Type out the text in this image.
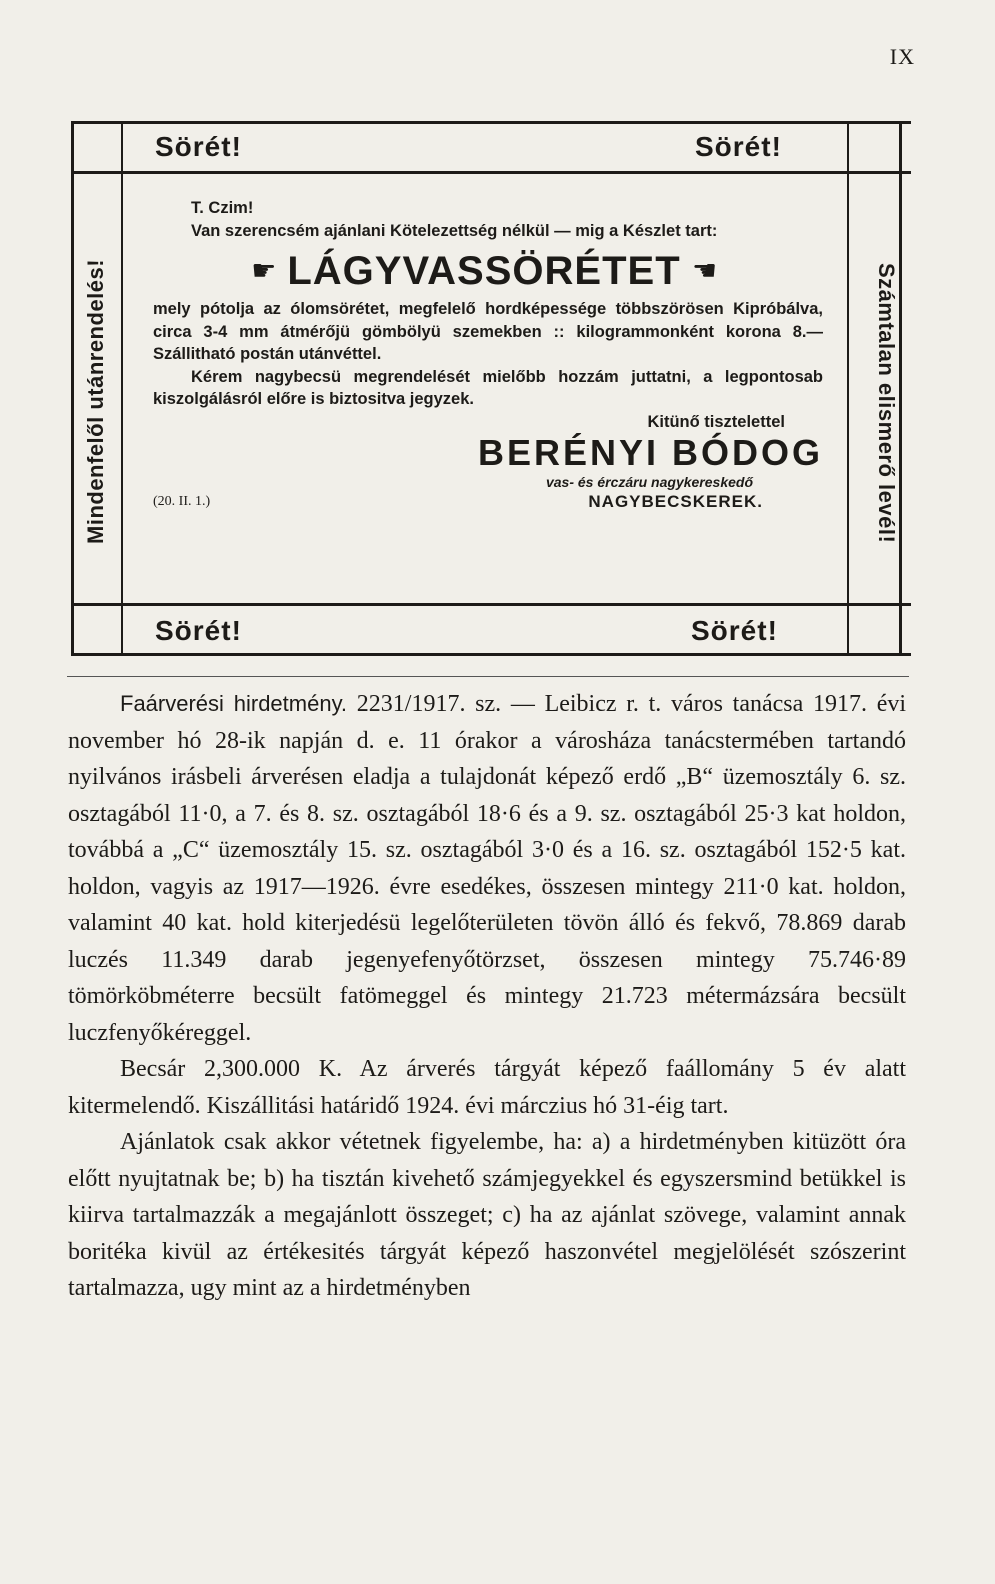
IX
Sörét!	Sörét!
Sörét!	Sörét!
Mindenfelől utánrendelés!	Számtalan elismerő levél!

T. Czim!

Van szerencsém ajánlani Kötelezettség nélkül — mig a Készlet tart:

☛ LÁGYVASSÖRÉTET ☛

mely pótolja az ólomsörétet, megfelelő hordképessége többszörösen Kipróbálva, circa 3-4 mm átmérőjü gömbölyü szemekben :: kilogrammonként korona 8.— Szállitható postán utánvéttel.

Kérem nagybecsü megrendelését mielőbb hozzám juttatni, a legpontosab kiszolgálásról előre is biztositva jegyzek.

Kitünő tisztelettel

BERÉNYI BÓDOG

vas- és érczáru nagykereskedő

(20. II. 1.)	NAGYBECSKEREK.

Faárverési hirdetmény. 2231/1917. sz. — Leibicz r. t. város tanácsa 1917. évi november hó 28-ik napján d. e. 11 órakor a városháza tanácstermében tartandó nyilvános irásbeli árverésen eladja a tulajdonát képező erdő „B“ üzemosztály 6. sz. osztagából 11·0, a 7. és 8. sz. osztagából 18·6 és a 9. sz. osztagából 25·3 kat holdon, továbbá a „C“ üzemosztály 15. sz. osztagából 3·0 és a 16. sz. osztagából 152·5 kat. holdon, vagyis az 1917—1926. évre esedékes, összesen mintegy 211·0 kat. holdon, valamint 40 kat. hold kiterjedésü legelőterületen tövön álló és fekvő, 78.869 darab luczés 11.349 darab jegenyefenyőtörzset, összesen mintegy 75.746·89 tömörköbméterre becsült fatömeggel és mintegy 21.723 métermázsára becsült luczfenyőkéreggel.

Becsár 2,300.000 K. Az árverés tárgyát képező faállomány 5 év alatt kitermelendő. Kiszállitási határidő 1924. évi márczius hó 31-éig tart.

Ajánlatok csak akkor vétetnek figyelembe, ha: a) a hirdetményben kitüzött óra előtt nyujtatnak be; b) ha tisztán kivehető számjegyekkel és egyszersmind betükkel is kiirva tartalmazzák a megajánlott összeget; c) ha az ajánlat szövege, valamint annak boritéka kivül az értékesités tárgyát képező haszonvétel megjelölését szószerint tartalmazza, ugy mint az a hirdetményben
